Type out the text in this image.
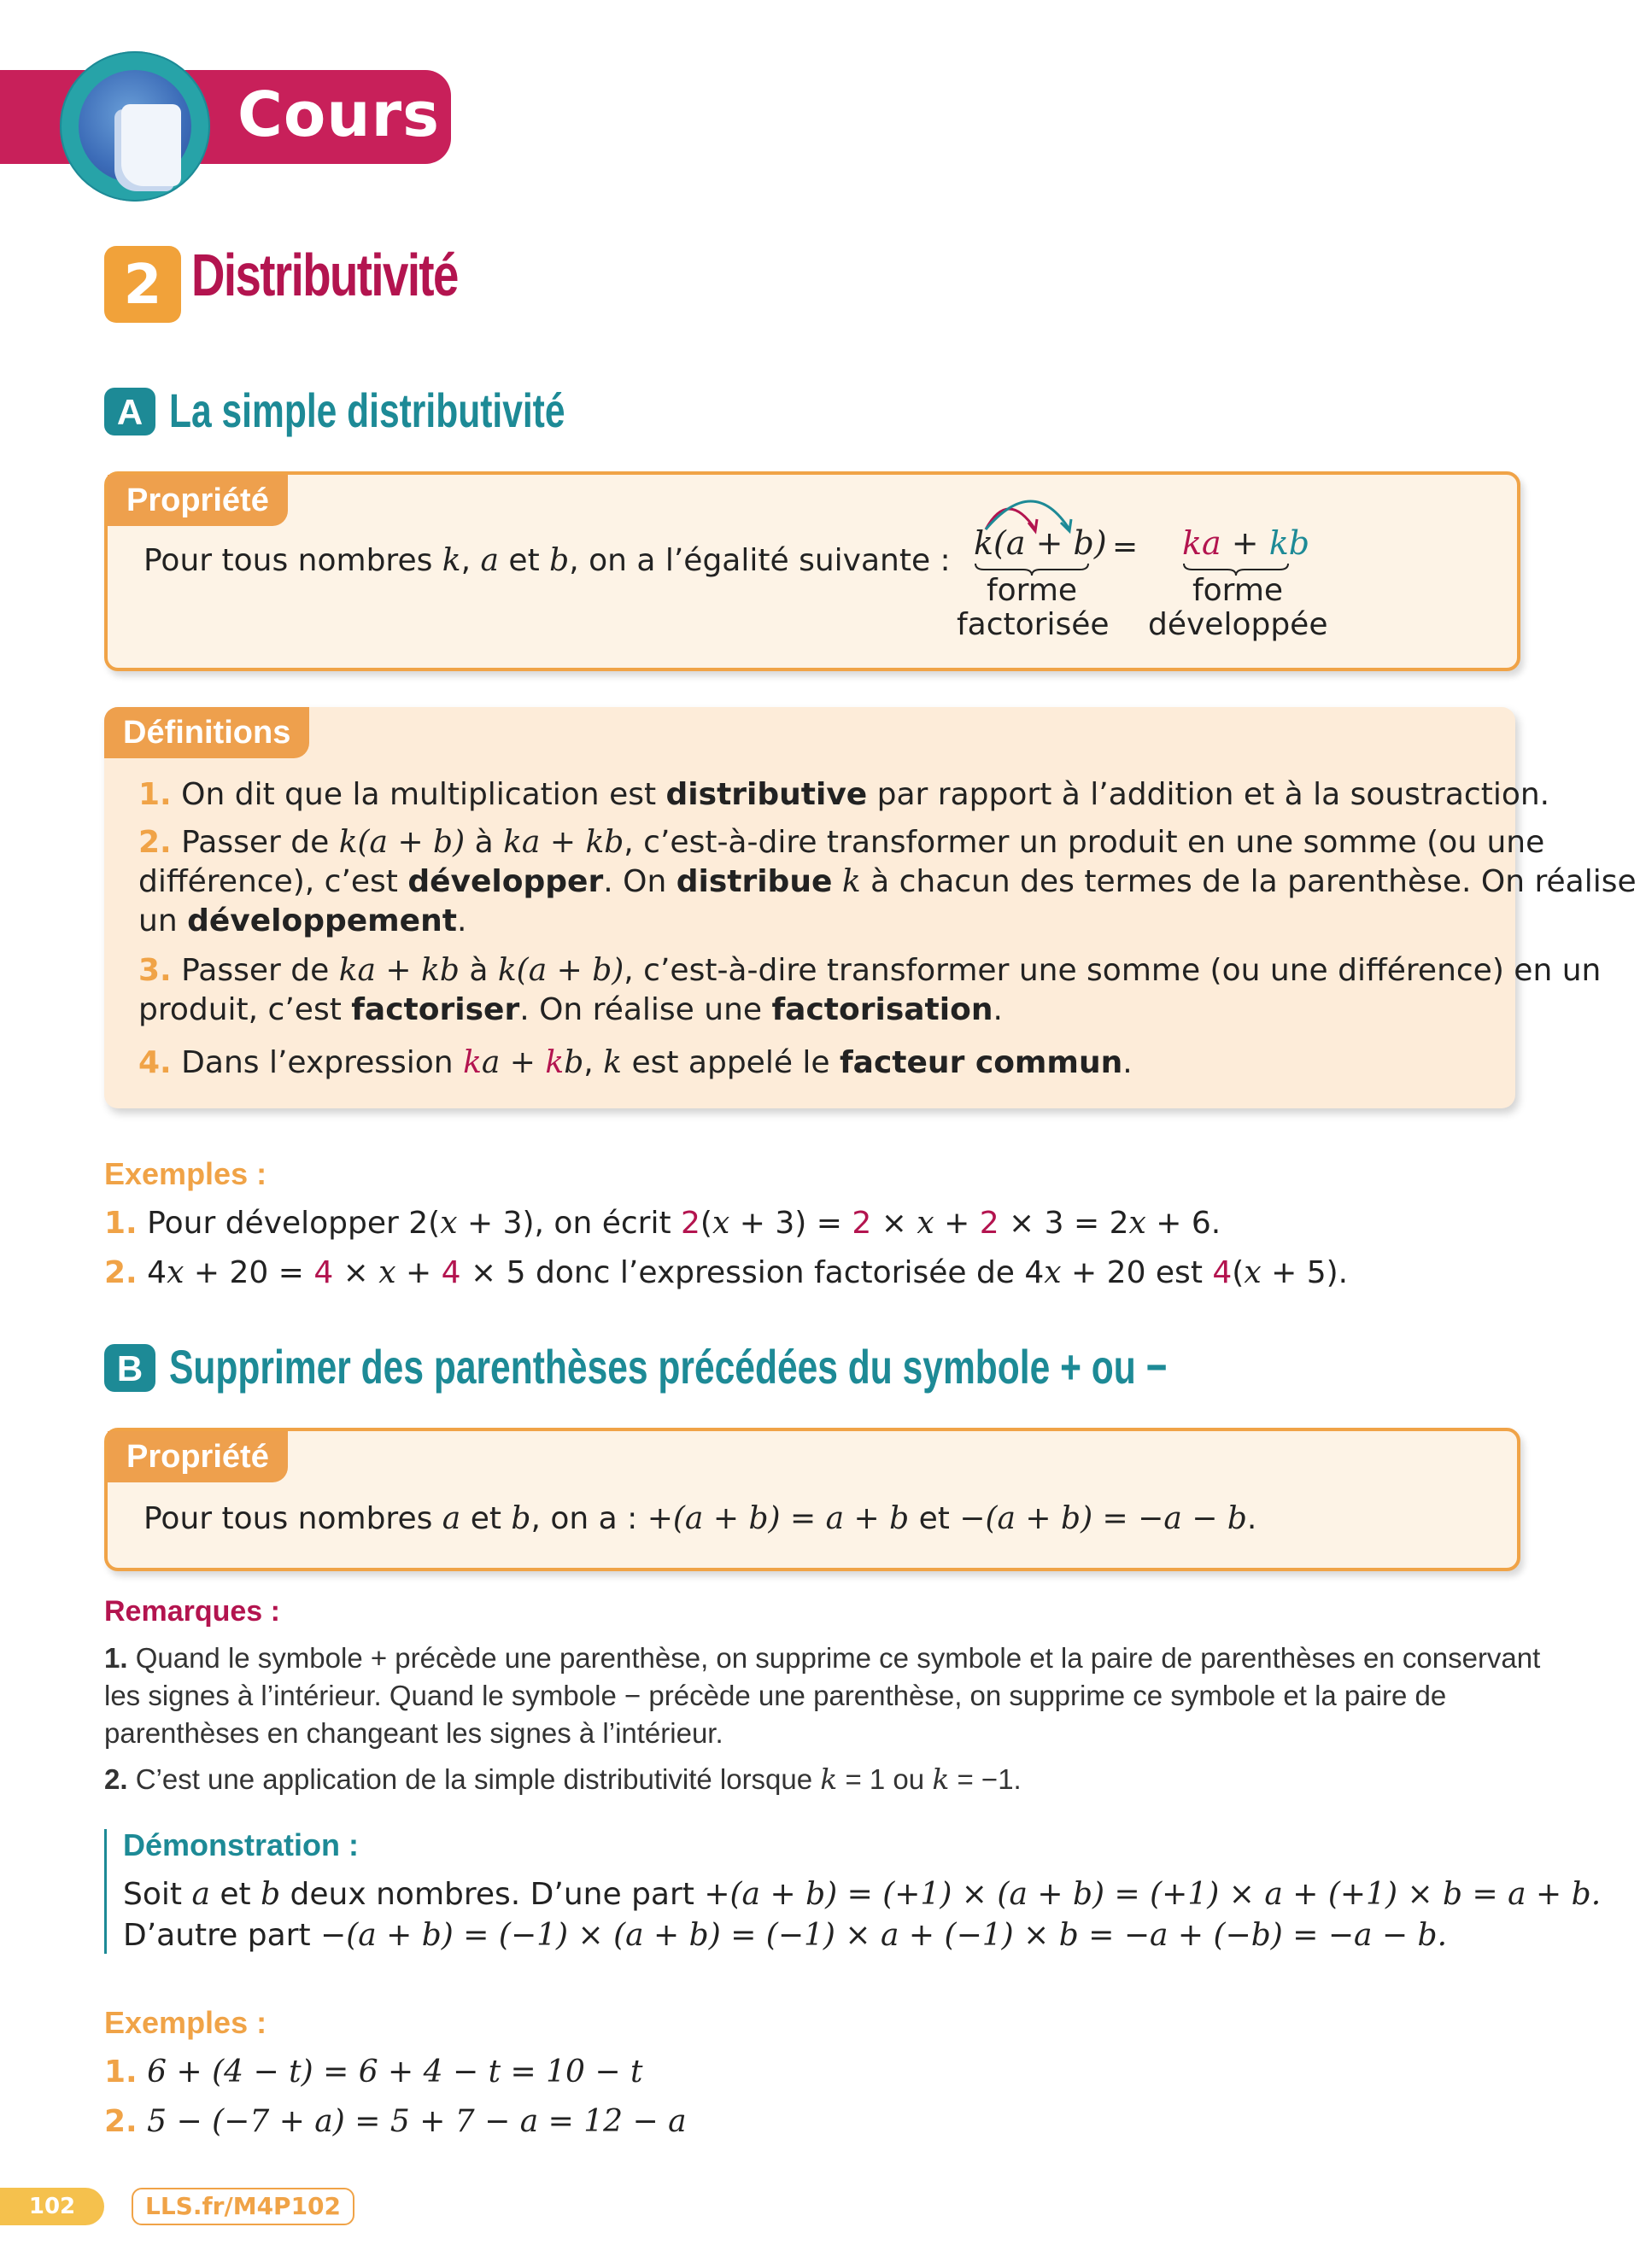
Cours
2 Distributivité
A La simple distributivité
Propriété
Pour tous nombres k, a et b, on a l’égalité suivante : k(a + b) = ka + kb
forme
factorisée
forme
développée
Définitions
1. On dit que la multiplication est distributive par rapport à l’addition et à la soustraction.
2. Passer de k(a + b) à ka + kb, c’est-à-dire transformer un produit en une somme (ou une
différence), c’est développer. On distribue k à chacun des termes de la parenthèse. On réalise
un développement.
3. Passer de ka + kb à k(a + b), c’est-à-dire transformer une somme (ou une différence) en un
produit, c’est factoriser. On réalise une factorisation.
4. Dans l’expression ka + kb, k est appelé le facteur commun.
Exemples :
1. Pour développer 2(x + 3), on écrit 2(x + 3) = 2 × x + 2 × 3 = 2x + 6.
2. 4x + 20 = 4 × x + 4 × 5 donc l’expression factorisée de 4x + 20 est 4(x + 5).
B Supprimer des parenthèses précédées du symbole + ou −
Propriété
Pour tous nombres a et b, on a : +(a + b) = a + b et −(a + b) = −a − b.
Remarques :
1. Quand le symbole + précède une parenthèse, on supprime ce symbole et la paire de parenthèses en conservant
les signes à l’intérieur. Quand le symbole − précède une parenthèse, on supprime ce symbole et la paire de
parenthèses en changeant les signes à l’intérieur.
2. C’est une application de la simple distributivité lorsque k = 1 ou k = −1.
Démonstration :
Soit a et b deux nombres. D’une part +(a + b) = (+1) × (a + b) = (+1) × a + (+1) × b = a + b.
D’autre part −(a + b) = (−1) × (a + b) = (−1) × a + (−1) × b = −a + (−b) = −a − b.
Exemples :
1. 6 + (4 − t) = 6 + 4 − t = 10 − t
2. 5 − (−7 + a) = 5 + 7 − a = 12 − a
102	LLS.fr/M4P102
